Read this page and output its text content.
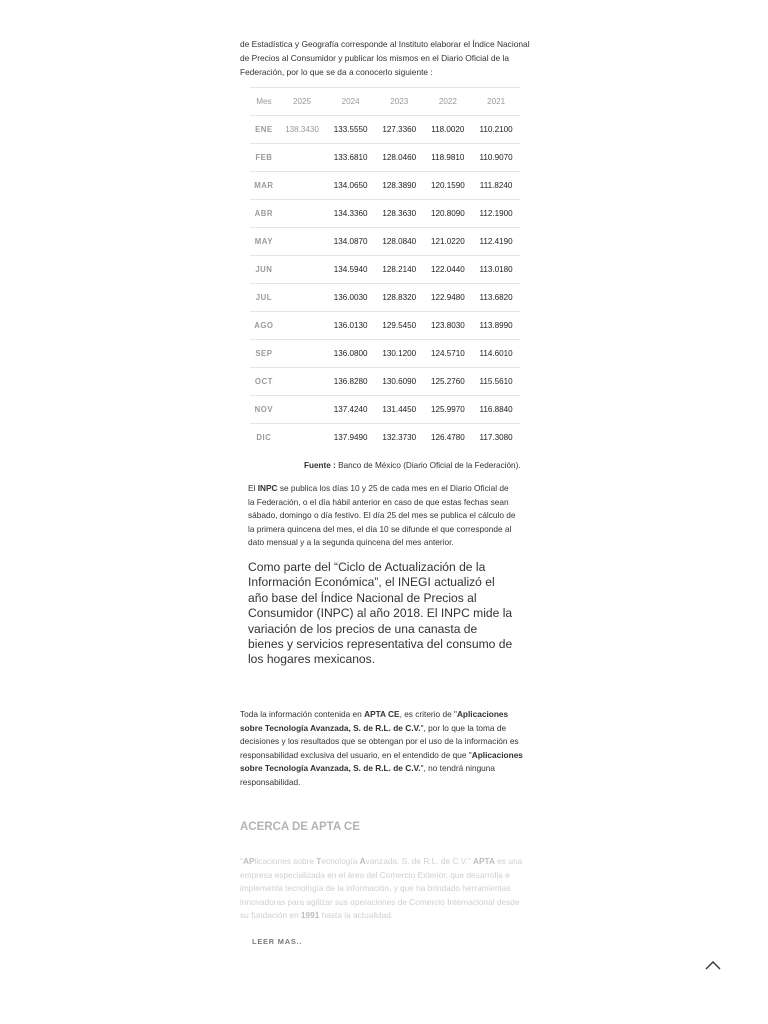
de Estadística y Geografía corresponde al Instituto elaborar el Índice Nacional de Precios al Consumidor y publicar los mismos en el Diario Oficial de la Federación, por lo que se da a conocerlo siguiente :

Mes	2025	2024	2023	2022	2021
ENE	138.3430	133.5550	127.3360	118.0020	110.2100
FEB		133.6810	128.0460	118.9810	110.9070
MAR		134.0650	128.3890	120.1590	111.8240
ABR		134.3360	128.3630	120.8090	112.1900
MAY		134.0870	128.0840	121.0220	112.4190
JUN		134.5940	128.2140	122.0440	113.0180
JUL		136.0030	128.8320	122.9480	113.6820
AGO		136.0130	129.5450	123.8030	113.8990
SEP		136.0800	130.1200	124.5710	114.6010
OCT		136.8280	130.6090	125.2760	115.5610
NOV		137.4240	131.4450	125.9970	116.8840
DIC		137.9490	132.3730	126.4780	117.3080
Fuente : Banco de México (Diario Oficial de la Federación).

El INPC se publica los días 10 y 25 de cada mes en el Diario Oficial de la Federación, o el día hábil anterior en caso de que estas fechas sean sábado, domingo o día festivo. El día 25 del mes se publica el cálculo de la primera quincena del mes, el día 10 se difunde el que corresponde al dato mensual y a la segunda quincena del mes anterior.

Como parte del “Ciclo de Actualización de la Información Económica”, el INEGI actualizó el año base del Índice Nacional de Precios al Consumidor (INPC) al año 2018. El INPC mide la variación de los precios de una canasta de bienes y servicios representativa del consumo de los hogares mexicanos.

Toda la información contenida en APTA CE, es criterio de "Aplicaciones sobre Tecnología Avanzada, S. de R.L. de C.V.", por lo que la toma de decisiones y los resultados que se obtengan por el uso de la información es responsabilidad exclusiva del usuario, en el entendido de que "Aplicaciones sobre Tecnología Avanzada, S. de R.L. de C.V.", no tendrá ninguna responsabilidad.

ACERCA DE APTA CE

"APlicaciones sobre Tecnología Avanzada, S. de R.L. de C.V." APTA es una empresa especializada en el área del Comercio Exterior, que desarrolla e implementa tecnología de la información, y que ha brindado herramientas innovadoras para agilizar sus operaciones de Comercio Internacional desde su fundación en 1991 hasta la actualidad.

LEER MAS..
